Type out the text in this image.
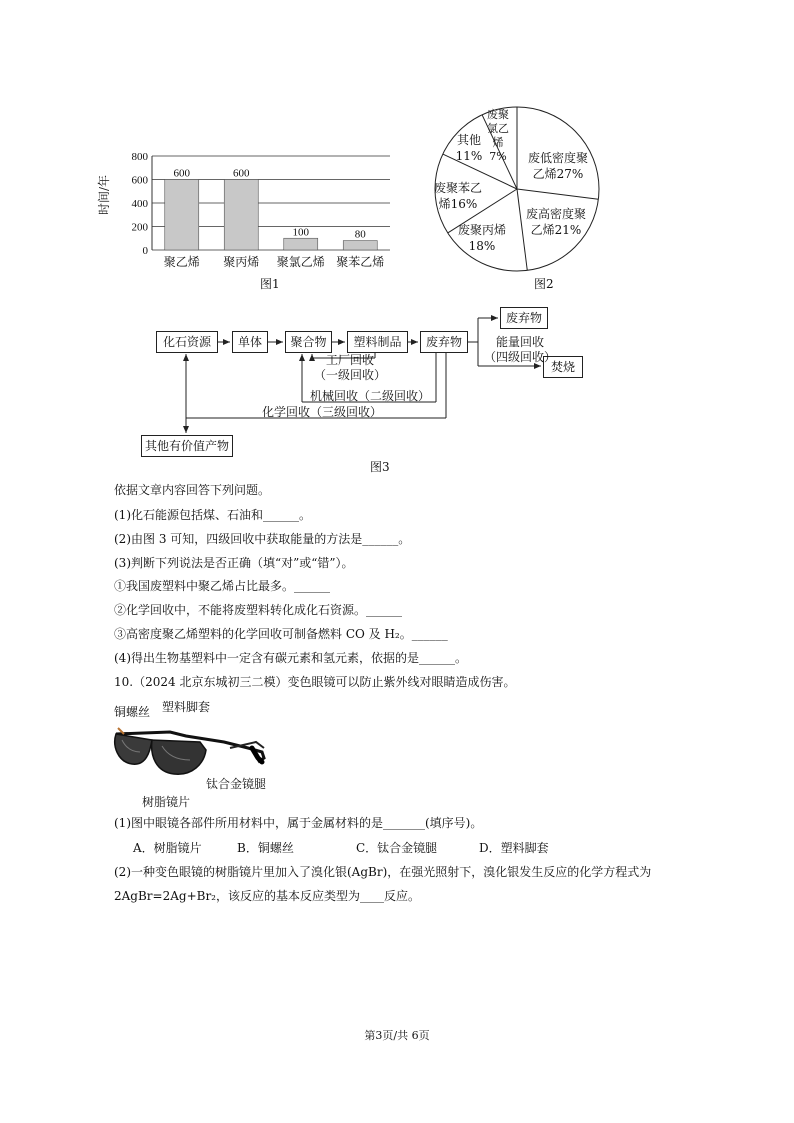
0
200
400
600
800
600
聚乙烯
600
聚丙烯
100
聚氯乙烯
80
聚苯乙烯
时间/年
图1	图2
废低密度聚
乙烯27%
废高密度聚
乙烯21%
废聚丙烯
18%
废聚苯乙
烯16%
其他
11%
废聚
氯乙
烯
7%
化石资源	单体	聚合物	塑料制品	废弃物
废弃物
焚烧
其他有价值产物
工厂回收
（一级回收）
机械回收（二级回收）
化学回收（三级回收）
能量回收
（四级回收）
图3
依据文章内容回答下列问题。
(1)化石能源包括煤、石油和______。
(2)由图 3 可知，四级回收中获取能量的方法是______。
(3)判断下列说法是否正确（填“对”或“错”）。
①我国废塑料中聚乙烯占比最多。______
②化学回收中，不能将废塑料转化成化石资源。______
③高密度聚乙烯塑料的化学回收可制备燃料 CO 及 H₂。______
(4)得出生物基塑料中一定含有碳元素和氢元素，依据的是______。
10.（2024 北京东城初三二模）变色眼镜可以防止紫外线对眼睛造成伤害。
铜螺丝 塑料脚套
钛合金镜腿
树脂镜片
(1)图中眼镜各部件所用材料中，属于金属材料的是_______(填序号)。
A．树脂镜片	B．铜螺丝	C．钛合金镜腿	D．塑料脚套
(2)一种变色眼镜的树脂镜片里加入了溴化银(AgBr)，在强光照射下，溴化银发生反应的化学方程式为
2AgBr=2Ag+Br₂，该反应的基本反应类型为____反应。
第3页/共 6页
